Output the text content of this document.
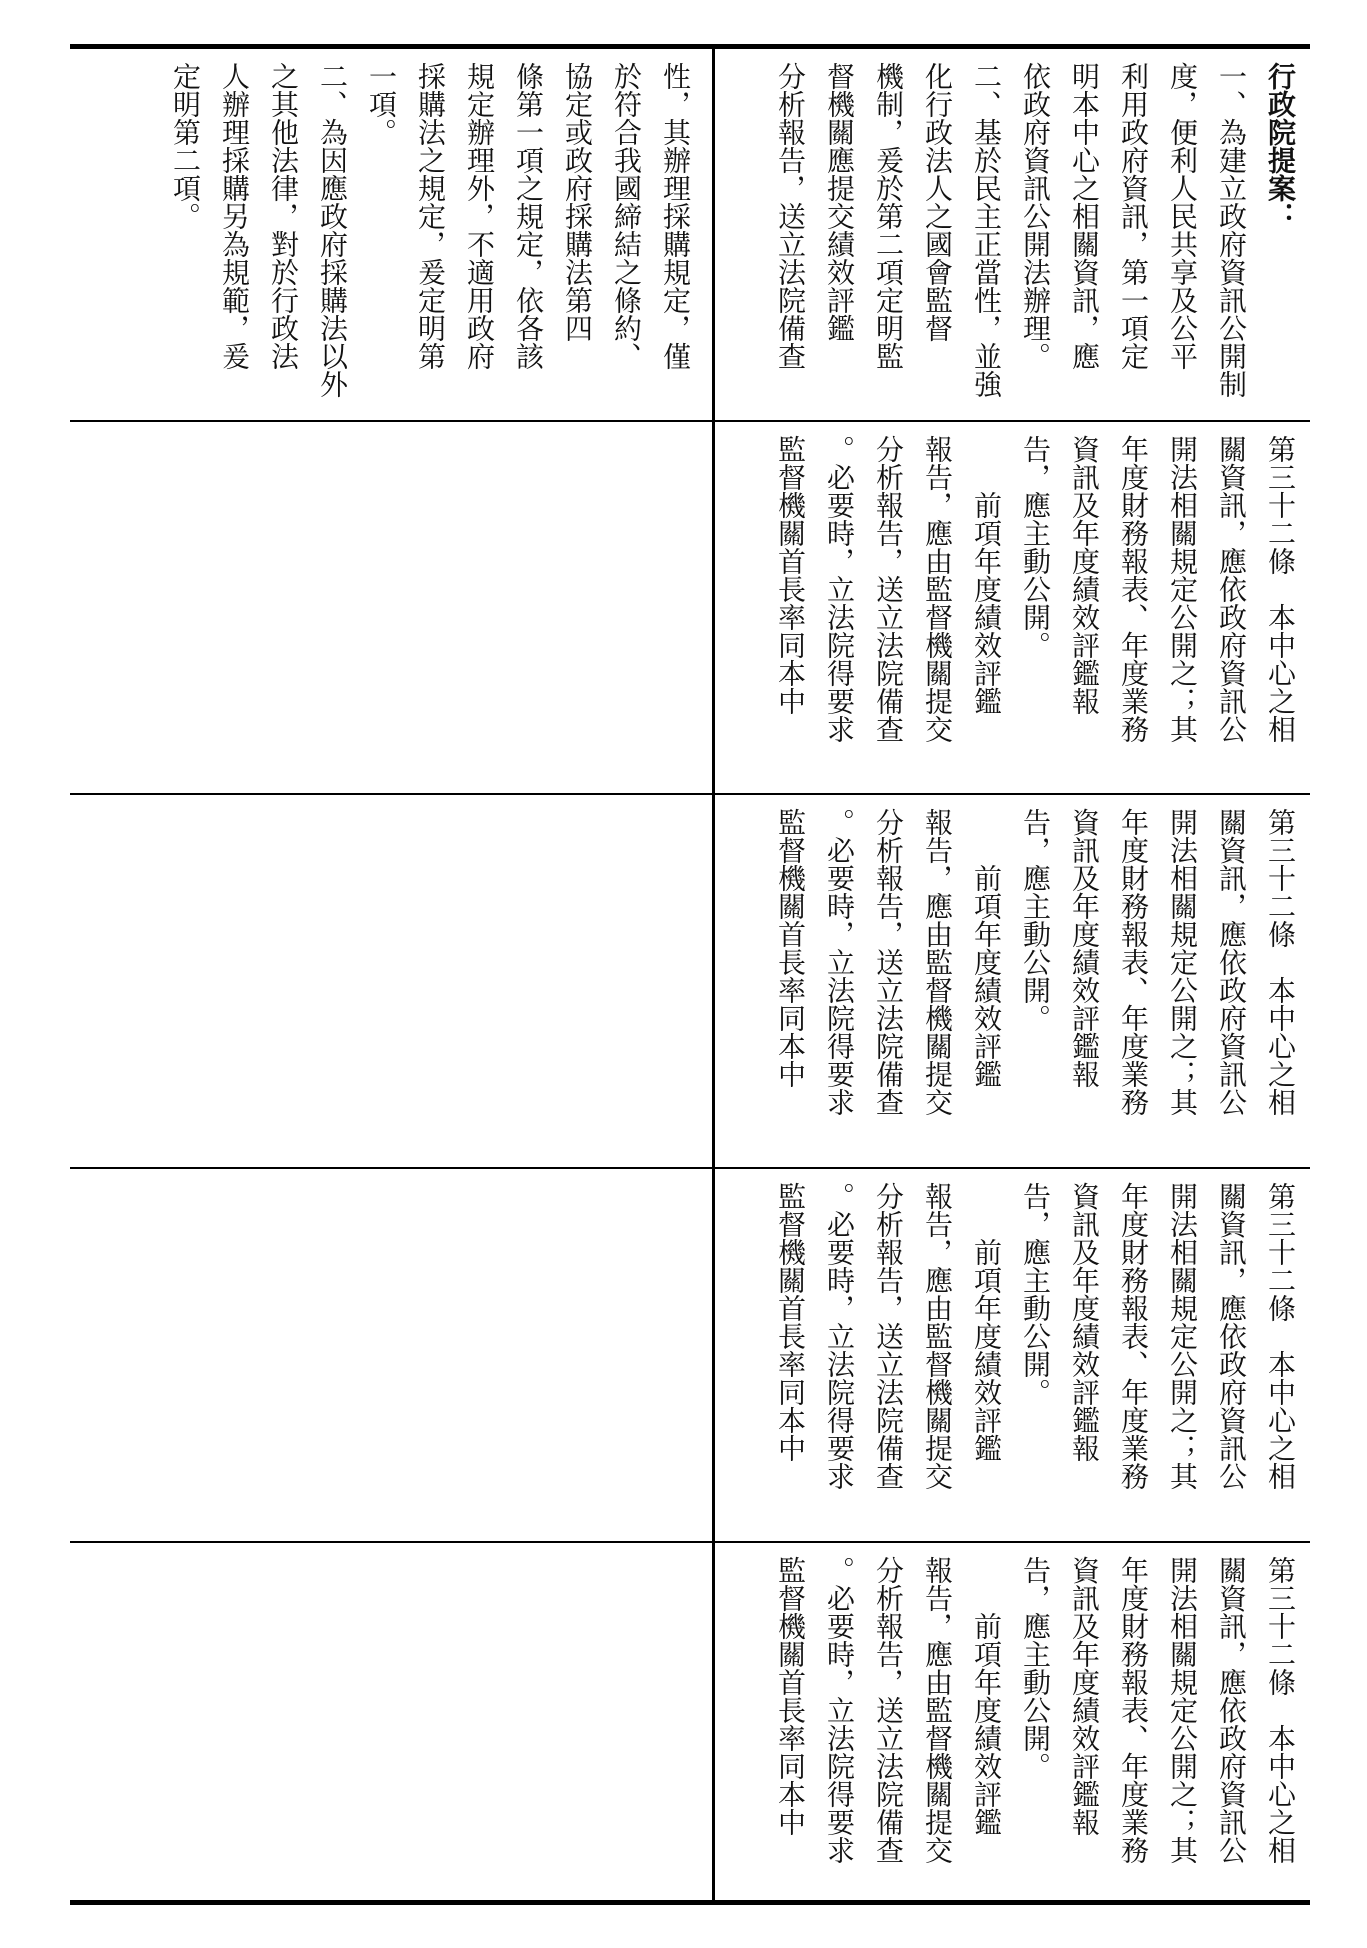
性，其辦理採購規定，僅

於符合我國締結之條約、

協定或政府採購法第四

條第一項之規定，依各該

規定辦理外，不適用政府

採購法之規定，爰定明第

一項。

二、為因應政府採購法以外

之其他法律，對於行政法

人辦理採購另為規範，爰

定明第二項。	行政院提案：

一、為建立政府資訊公開制

度，便利人民共享及公平

利用政府資訊，第一項定

明本中心之相關資訊，應

依政府資訊公開法辦理。

二、基於民主正當性，並強

化行政法人之國會監督

機制，爰於第二項定明監

督機關應提交績效評鑑

分析報告，送立法院備查

第三十二條　本中心之相

關資訊，應依政府資訊公

開法相關規定公開之；其

年度財務報表、年度業務

資訊及年度績效評鑑報

告，應主動公開。

　　前項年度績效評鑑

報告，應由監督機關提交

分析報告，送立法院備查

。必要時，立法院得要求

監督機關首長率同本中

第三十二條　本中心之相

關資訊，應依政府資訊公

開法相關規定公開之；其

年度財務報表、年度業務

資訊及年度績效評鑑報

告，應主動公開。

　　前項年度績效評鑑

報告，應由監督機關提交

分析報告，送立法院備查

。必要時，立法院得要求

監督機關首長率同本中

第三十二條　本中心之相

關資訊，應依政府資訊公

開法相關規定公開之；其

年度財務報表、年度業務

資訊及年度績效評鑑報

告，應主動公開。

　　前項年度績效評鑑

報告，應由監督機關提交

分析報告，送立法院備查

。必要時，立法院得要求

監督機關首長率同本中

第三十二條　本中心之相

關資訊，應依政府資訊公

開法相關規定公開之；其

年度財務報表、年度業務

資訊及年度績效評鑑報

告，應主動公開。

　　前項年度績效評鑑

報告，應由監督機關提交

分析報告，送立法院備查

。必要時，立法院得要求

監督機關首長率同本中
